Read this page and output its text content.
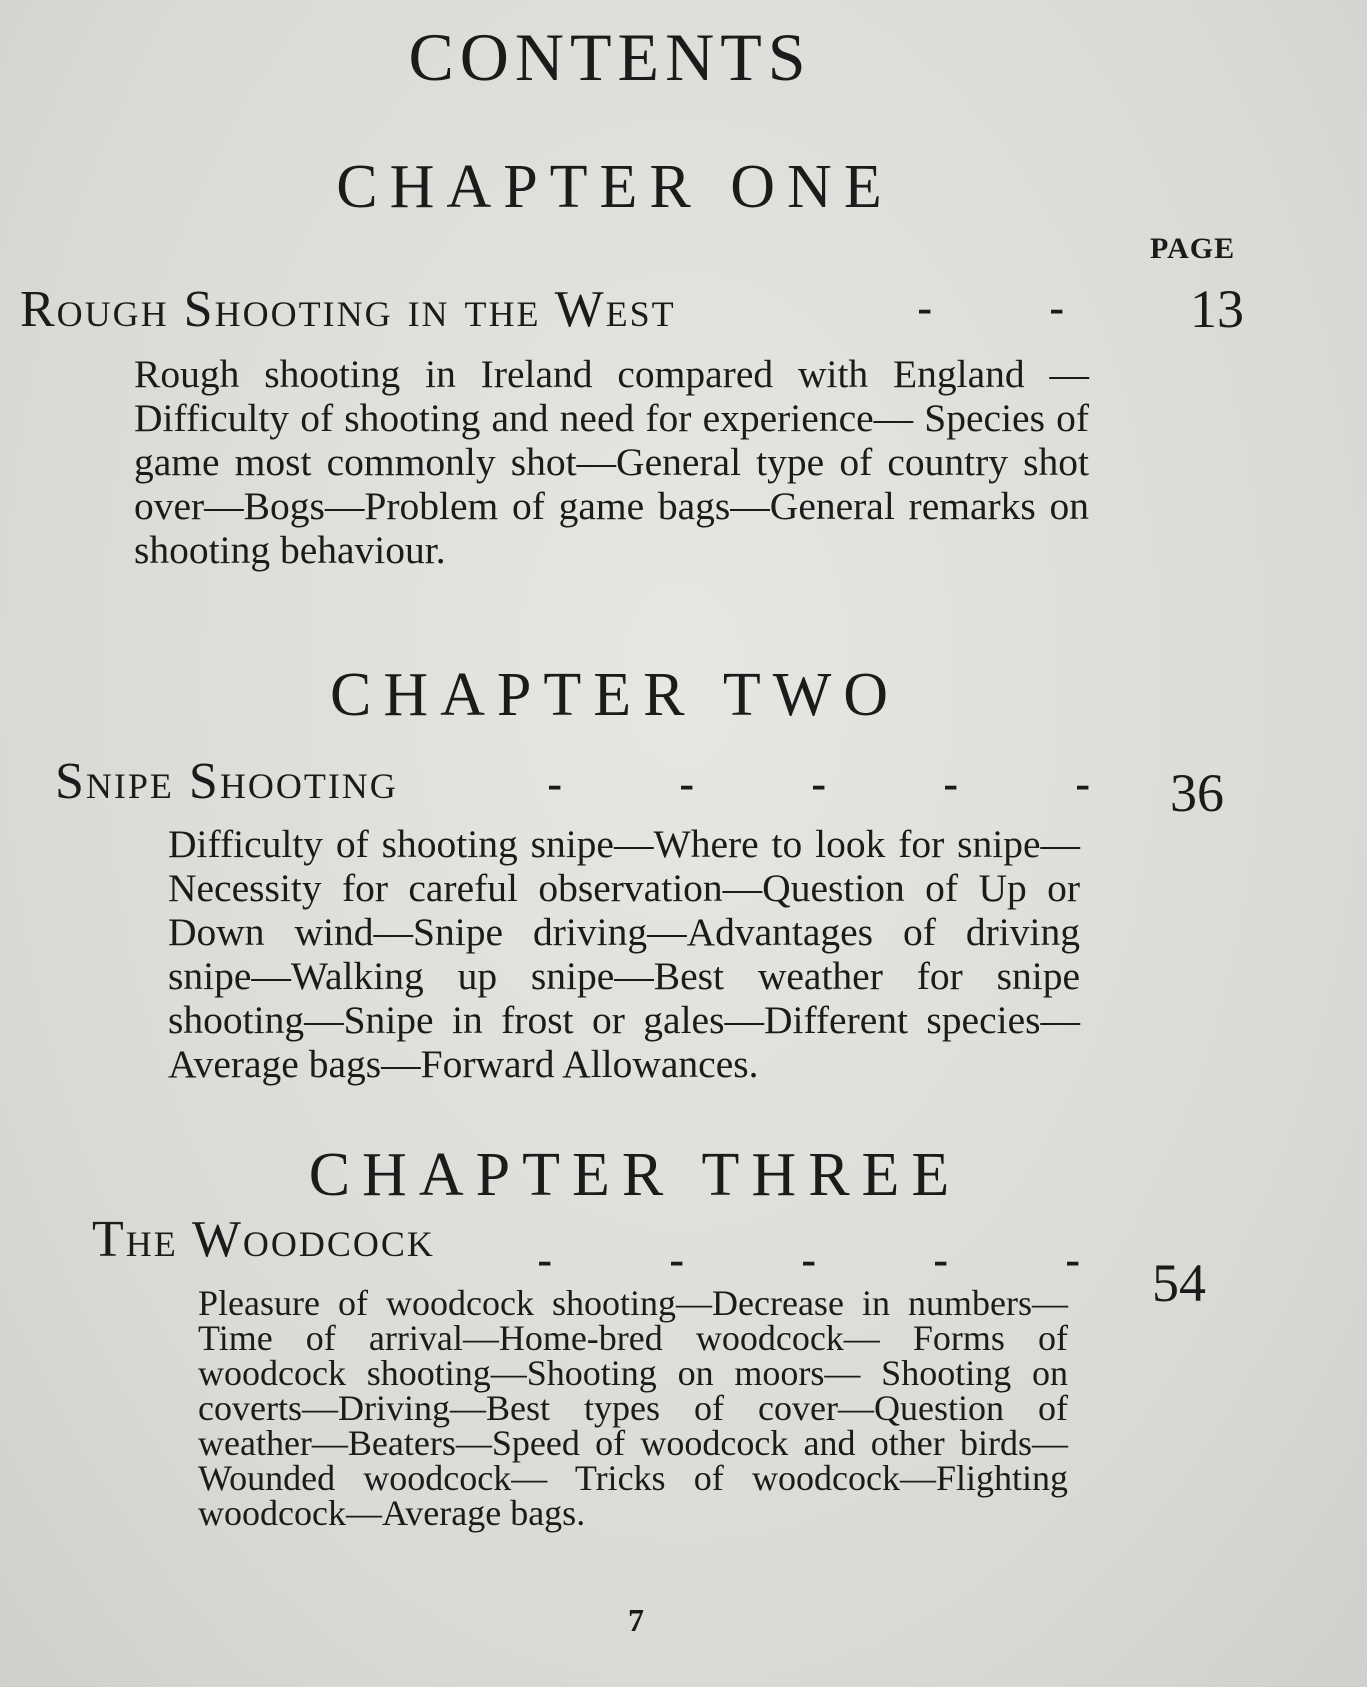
CONTENTS
CHAPTER ONE
PAGE
Rough Shooting in the West	-	- 13

Rough shooting in Ireland compared with England —Difficulty of shooting and need for experience— Species of game most commonly shot—General type of country shot over—Bogs—Problem of game bags—General remarks on shooting behaviour.

CHAPTER TWO
Snipe Shooting	-	-	-	-	- 36

Difficulty of shooting snipe—Where to look for snipe—Necessity for careful observation—Question of Up or Down wind—Snipe driving—Advantages of driving snipe—Walking up snipe—Best weather for snipe shooting—Snipe in frost or gales—Different species—Average bags—Forward Allowances.

CHAPTER THREE
The Woodcock	-	-	-	-	- 54

Pleasure of woodcock shooting—Decrease in numbers—Time of arrival—Home-bred woodcock— Forms of woodcock shooting—Shooting on moors— Shooting on coverts—Driving—Best types of cover—Question of weather—Beaters—Speed of woodcock and other birds—Wounded woodcock— Tricks of woodcock—Flighting woodcock—Average bags.

7
